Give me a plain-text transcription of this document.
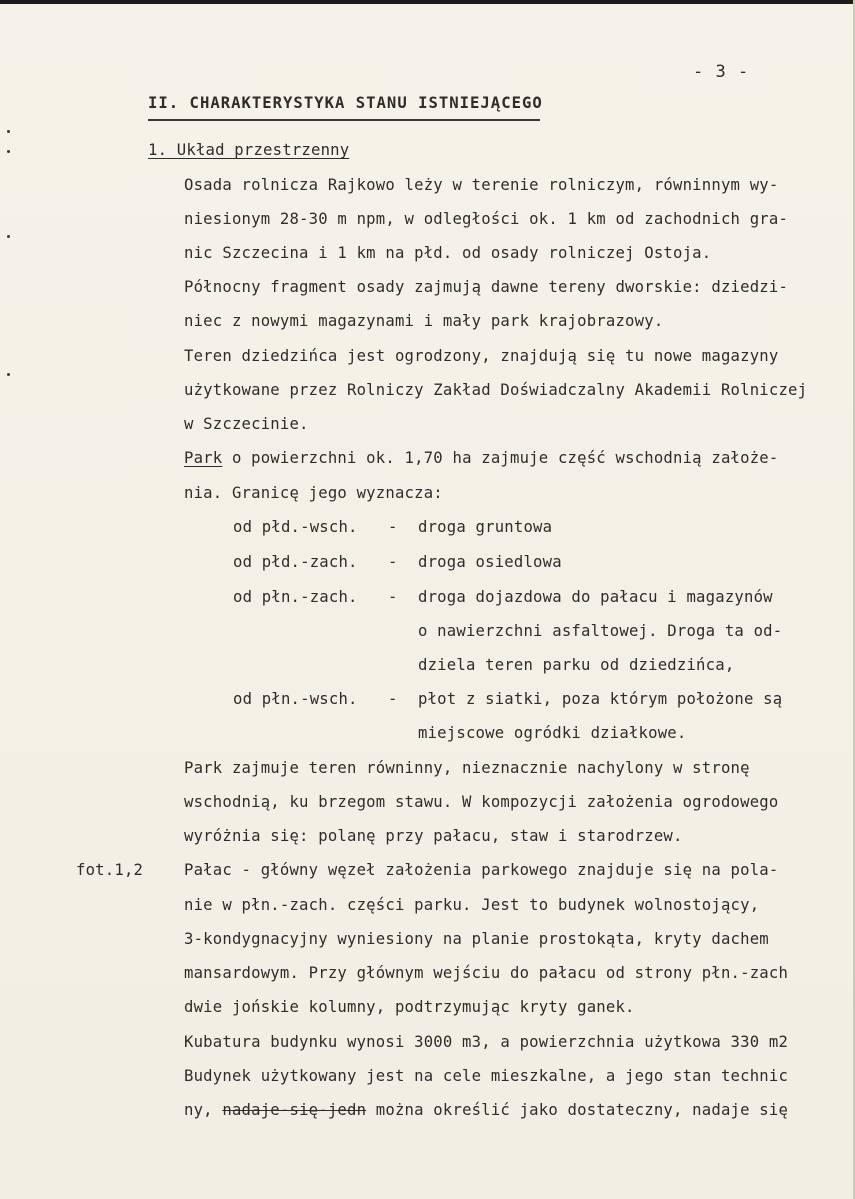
- 3 -
II. CHARAKTERYSTYKA STANU ISTNIEJĄCEGO
1. Układ przestrzenny
Osada rolnicza Rajkowo leży w terenie rolniczym, równinnym wy-
niesionym 28-30 m npm, w odległości ok. 1 km od zachodnich gra-
nic Szczecina i 1 km na płd. od osady rolniczej Ostoja.
Północny fragment osady zajmują dawne tereny dworskie: dziedzi-
niec z nowymi magazynami i mały park krajobrazowy.
Teren dziedzińca jest ogrodzony, znajdują się tu nowe magazyny
użytkowane przez Rolniczy Zakład Doświadczalny Akademii Rolniczej
w Szczecinie.
Park o powierzchni ok. 1,70 ha zajmuje część wschodnią założe-
nia. Granicę jego wyznacza:
od płd.-wsch. - droga gruntowa
od płd.-zach. - droga osiedlowa
od płn.-zach. - droga dojazdowa do pałacu i magazynów
o nawierzchni asfaltowej. Droga ta od-
dziela teren parku od dziedzińca,
od płn.-wsch. - płot z siatki, poza którym położone są
miejscowe ogródki działkowe.
Park zajmuje teren równinny, nieznacznie nachylony w stronę
wschodnią, ku brzegom stawu. W kompozycji założenia ogrodowego
wyróżnia się: polanę przy pałacu, staw i starodrzew.
fot.1,2	Pałac - główny węzeł założenia parkowego znajduje się na pola-
nie w płn.-zach. części parku. Jest to budynek wolnostojący,
3-kondygnacyjny wyniesiony na planie prostokąta, kryty dachem
mansardowym. Przy głównym wejściu do pałacu od strony płn.-zach
dwie jońskie kolumny, podtrzymując kryty ganek.
Kubatura budynku wynosi 3000 m3, a powierzchnia użytkowa 330 m2
Budynek użytkowany jest na cele mieszkalne, a jego stan technic
ny, nadaje-się-jedn można określić jako dostateczny, nadaje się
